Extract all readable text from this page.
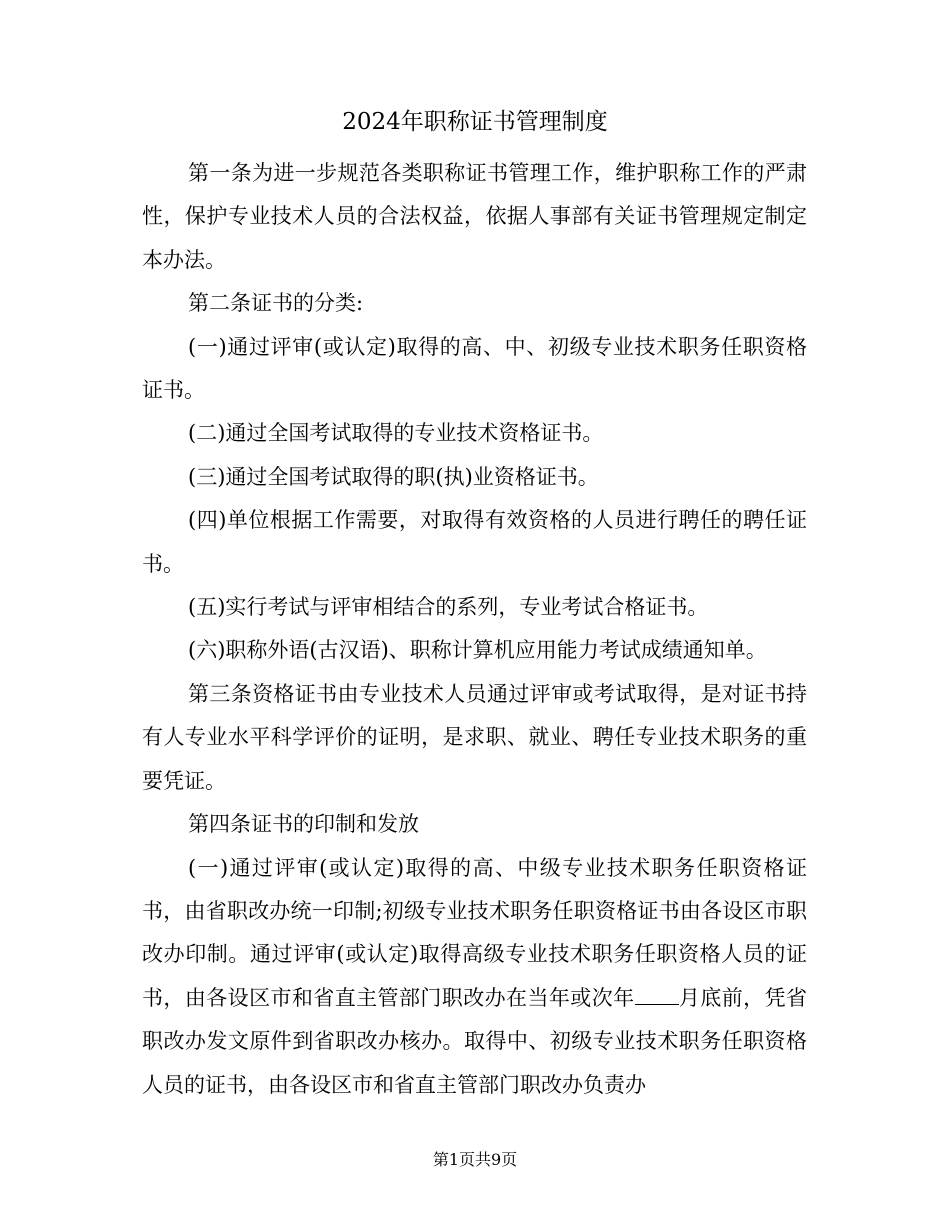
2024年职称证书管理制度

第一条为进一步规范各类职称证书管理工作，维护职称工作的严肃性，保护专业技术人员的合法权益，依据人事部有关证书管理规定制定本办法。

第二条证书的分类:

(一)通过评审(或认定)取得的高、中、初级专业技术职务任职资格证书。

(二)通过全国考试取得的专业技术资格证书。

(三)通过全国考试取得的职(执)业资格证书。

(四)单位根据工作需要，对取得有效资格的人员进行聘任的聘任证书。

(五)实行考试与评审相结合的系列，专业考试合格证书。

(六)职称外语(古汉语)、职称计算机应用能力考试成绩通知单。

第三条资格证书由专业技术人员通过评审或考试取得，是对证书持有人专业水平科学评价的证明，是求职、就业、聘任专业技术职务的重要凭证。

第四条证书的印制和发放

(一)通过评审(或认定)取得的高、中级专业技术职务任职资格证书，由省职改办统一印制;初级专业技术职务任职资格证书由各设区市职改办印制。通过评审(或认定)取得高级专业技术职务任职资格人员的证书，由各设区市和省直主管部门职改办在当年或次年 月底前，凭省职改办发文原件到省职改办核办。取得中、初级专业技术职务任职资格人员的证书，由各设区市和省直主管部门职改办负责办

第1页共9页
